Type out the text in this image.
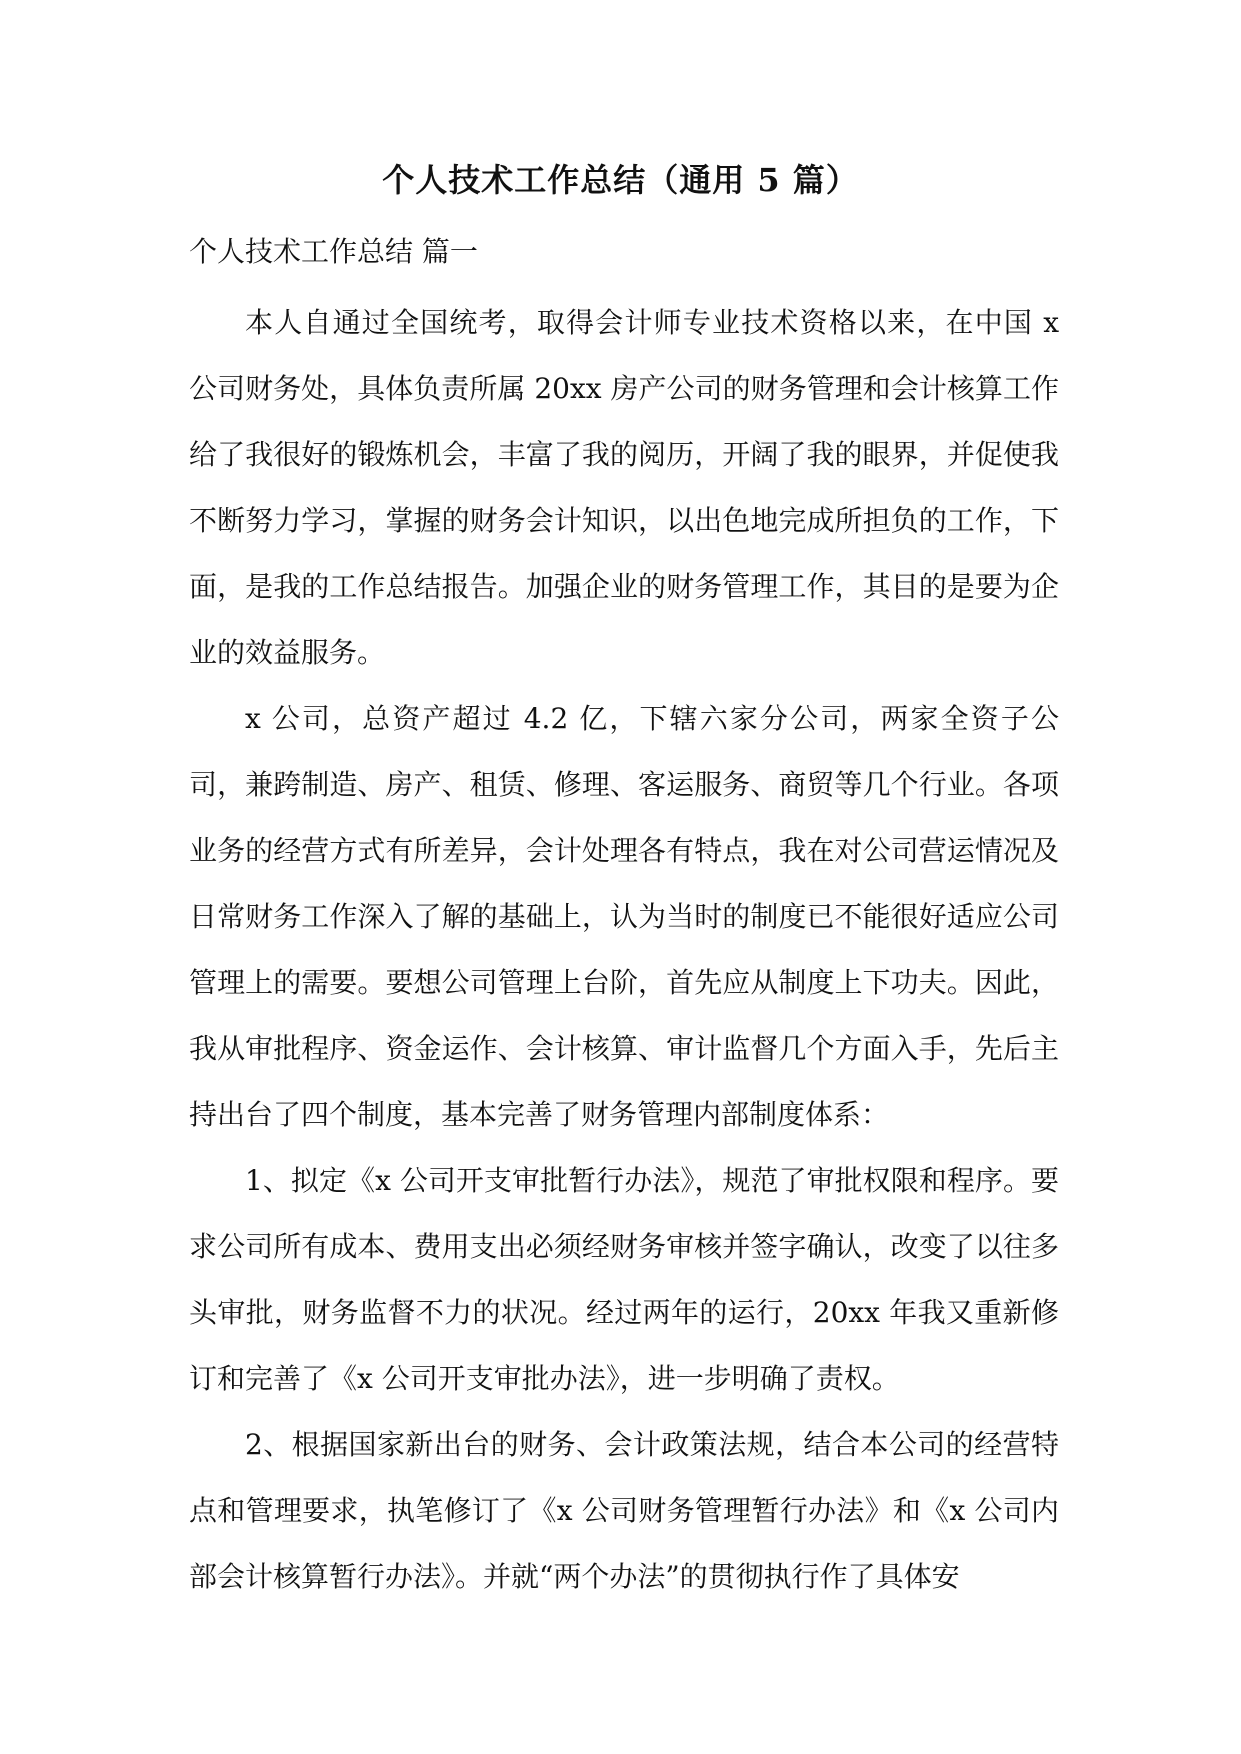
个人技术工作总结（通用 5 篇）
个人技术工作总结 篇一

本人自通过全国统考，取得会计师专业技术资格以来，在中国 x 公司财务处，具体负责所属 20xx 房产公司的财务管理和会计核算工作给了我很好的锻炼机会，丰富了我的阅历，开阔了我的眼界，并促使我不断努力学习，掌握的财务会计知识，以出色地完成所担负的工作，下面，是我的工作总结报告。加强企业的财务管理工作，其目的是要为企业的效益服务。

x 公司，总资产超过 4.2 亿，下辖六家分公司，两家全资子公司，兼跨制造、房产、租赁、修理、客运服务、商贸等几个行业。各项业务的经营方式有所差异，会计处理各有特点，我在对公司营运情况及日常财务工作深入了解的基础上，认为当时的制度已不能很好适应公司管理上的需要。要想公司管理上台阶，首先应从制度上下功夫。因此，我从审批程序、资金运作、会计核算、审计监督几个方面入手，先后主持出台了四个制度，基本完善了财务管理内部制度体系：

1、拟定《x 公司开支审批暂行办法》，规范了审批权限和程序。要求公司所有成本、费用支出必须经财务审核并签字确认，改变了以往多头审批，财务监督不力的状况。经过两年的运行，20xx 年我又重新修订和完善了《x 公司开支审批办法》，进一步明确了责权。

2、根据国家新出台的财务、会计政策法规，结合本公司的经营特点和管理要求，执笔修订了《x 公司财务管理暂行办法》和《x 公司内部会计核算暂行办法》。并就“两个办法”的贯彻执行作了具体安
